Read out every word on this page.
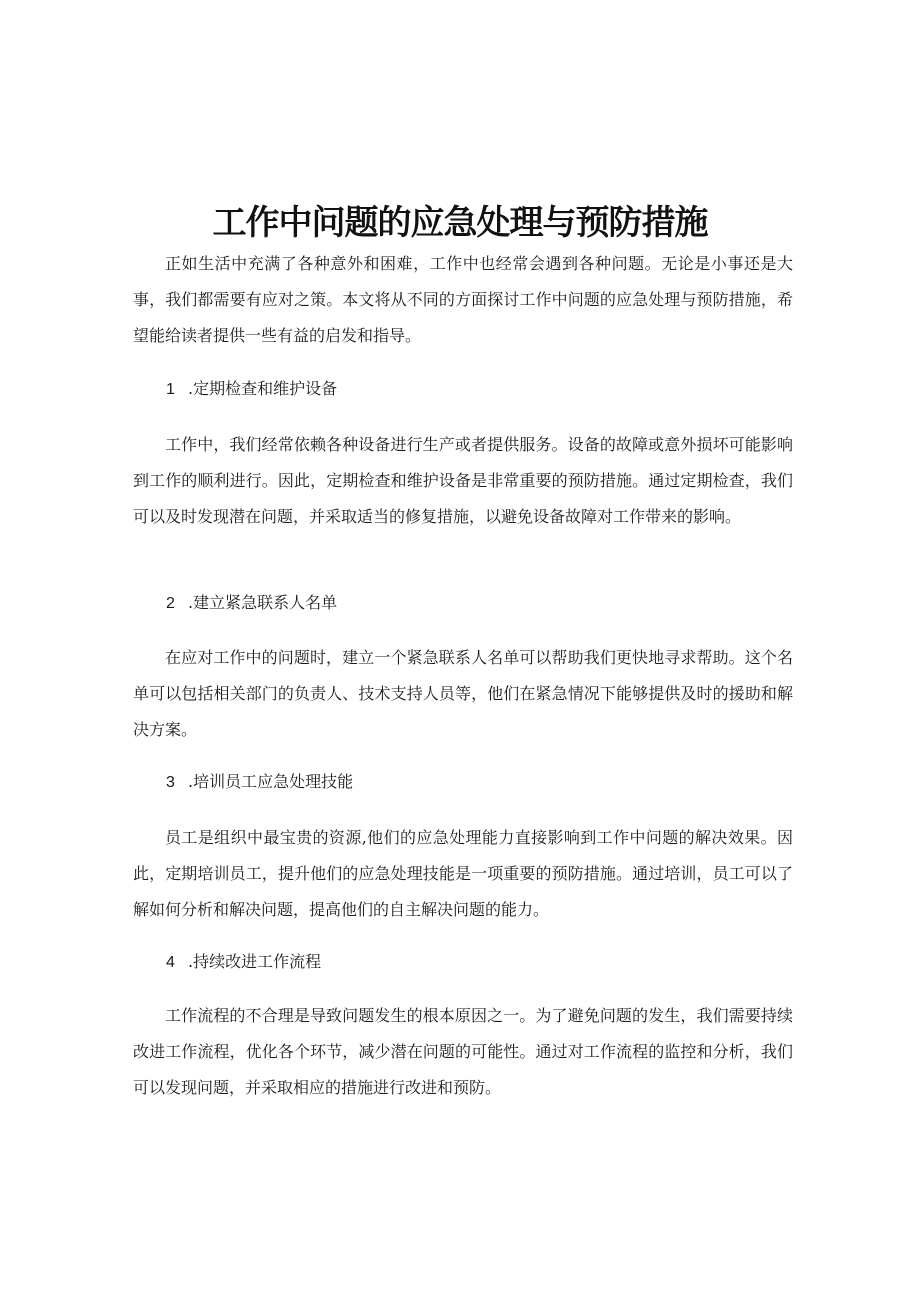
工作中问题的应急处理与预防措施

正如生活中充满了各种意外和困难，工作中也经常会遇到各种问题。无论是小事还是大事，我们都需要有应对之策。本文将从不同的方面探讨工作中问题的应急处理与预防措施，希望能给读者提供一些有益的启发和指导。

1 .定期检查和维护设备

工作中，我们经常依赖各种设备进行生产或者提供服务。设备的故障或意外损坏可能影响到工作的顺利进行。因此，定期检查和维护设备是非常重要的预防措施。通过定期检查，我们可以及时发现潜在问题，并采取适当的修复措施，以避免设备故障对工作带来的影响。

2 .建立紧急联系人名单

在应对工作中的问题时，建立一个紧急联系人名单可以帮助我们更快地寻求帮助。这个名单可以包括相关部门的负责人、技术支持人员等，他们在紧急情况下能够提供及时的援助和解决方案。

3 .培训员工应急处理技能

员工是组织中最宝贵的资源,他们的应急处理能力直接影响到工作中问题的解决效果。因此，定期培训员工，提升他们的应急处理技能是一项重要的预防措施。通过培训，员工可以了解如何分析和解决问题，提高他们的自主解决问题的能力。

4 .持续改进工作流程

工作流程的不合理是导致问题发生的根本原因之一。为了避免问题的发生，我们需要持续改进工作流程，优化各个环节，减少潜在问题的可能性。通过对工作流程的监控和分析，我们可以发现问题，并采取相应的措施进行改进和预防。
